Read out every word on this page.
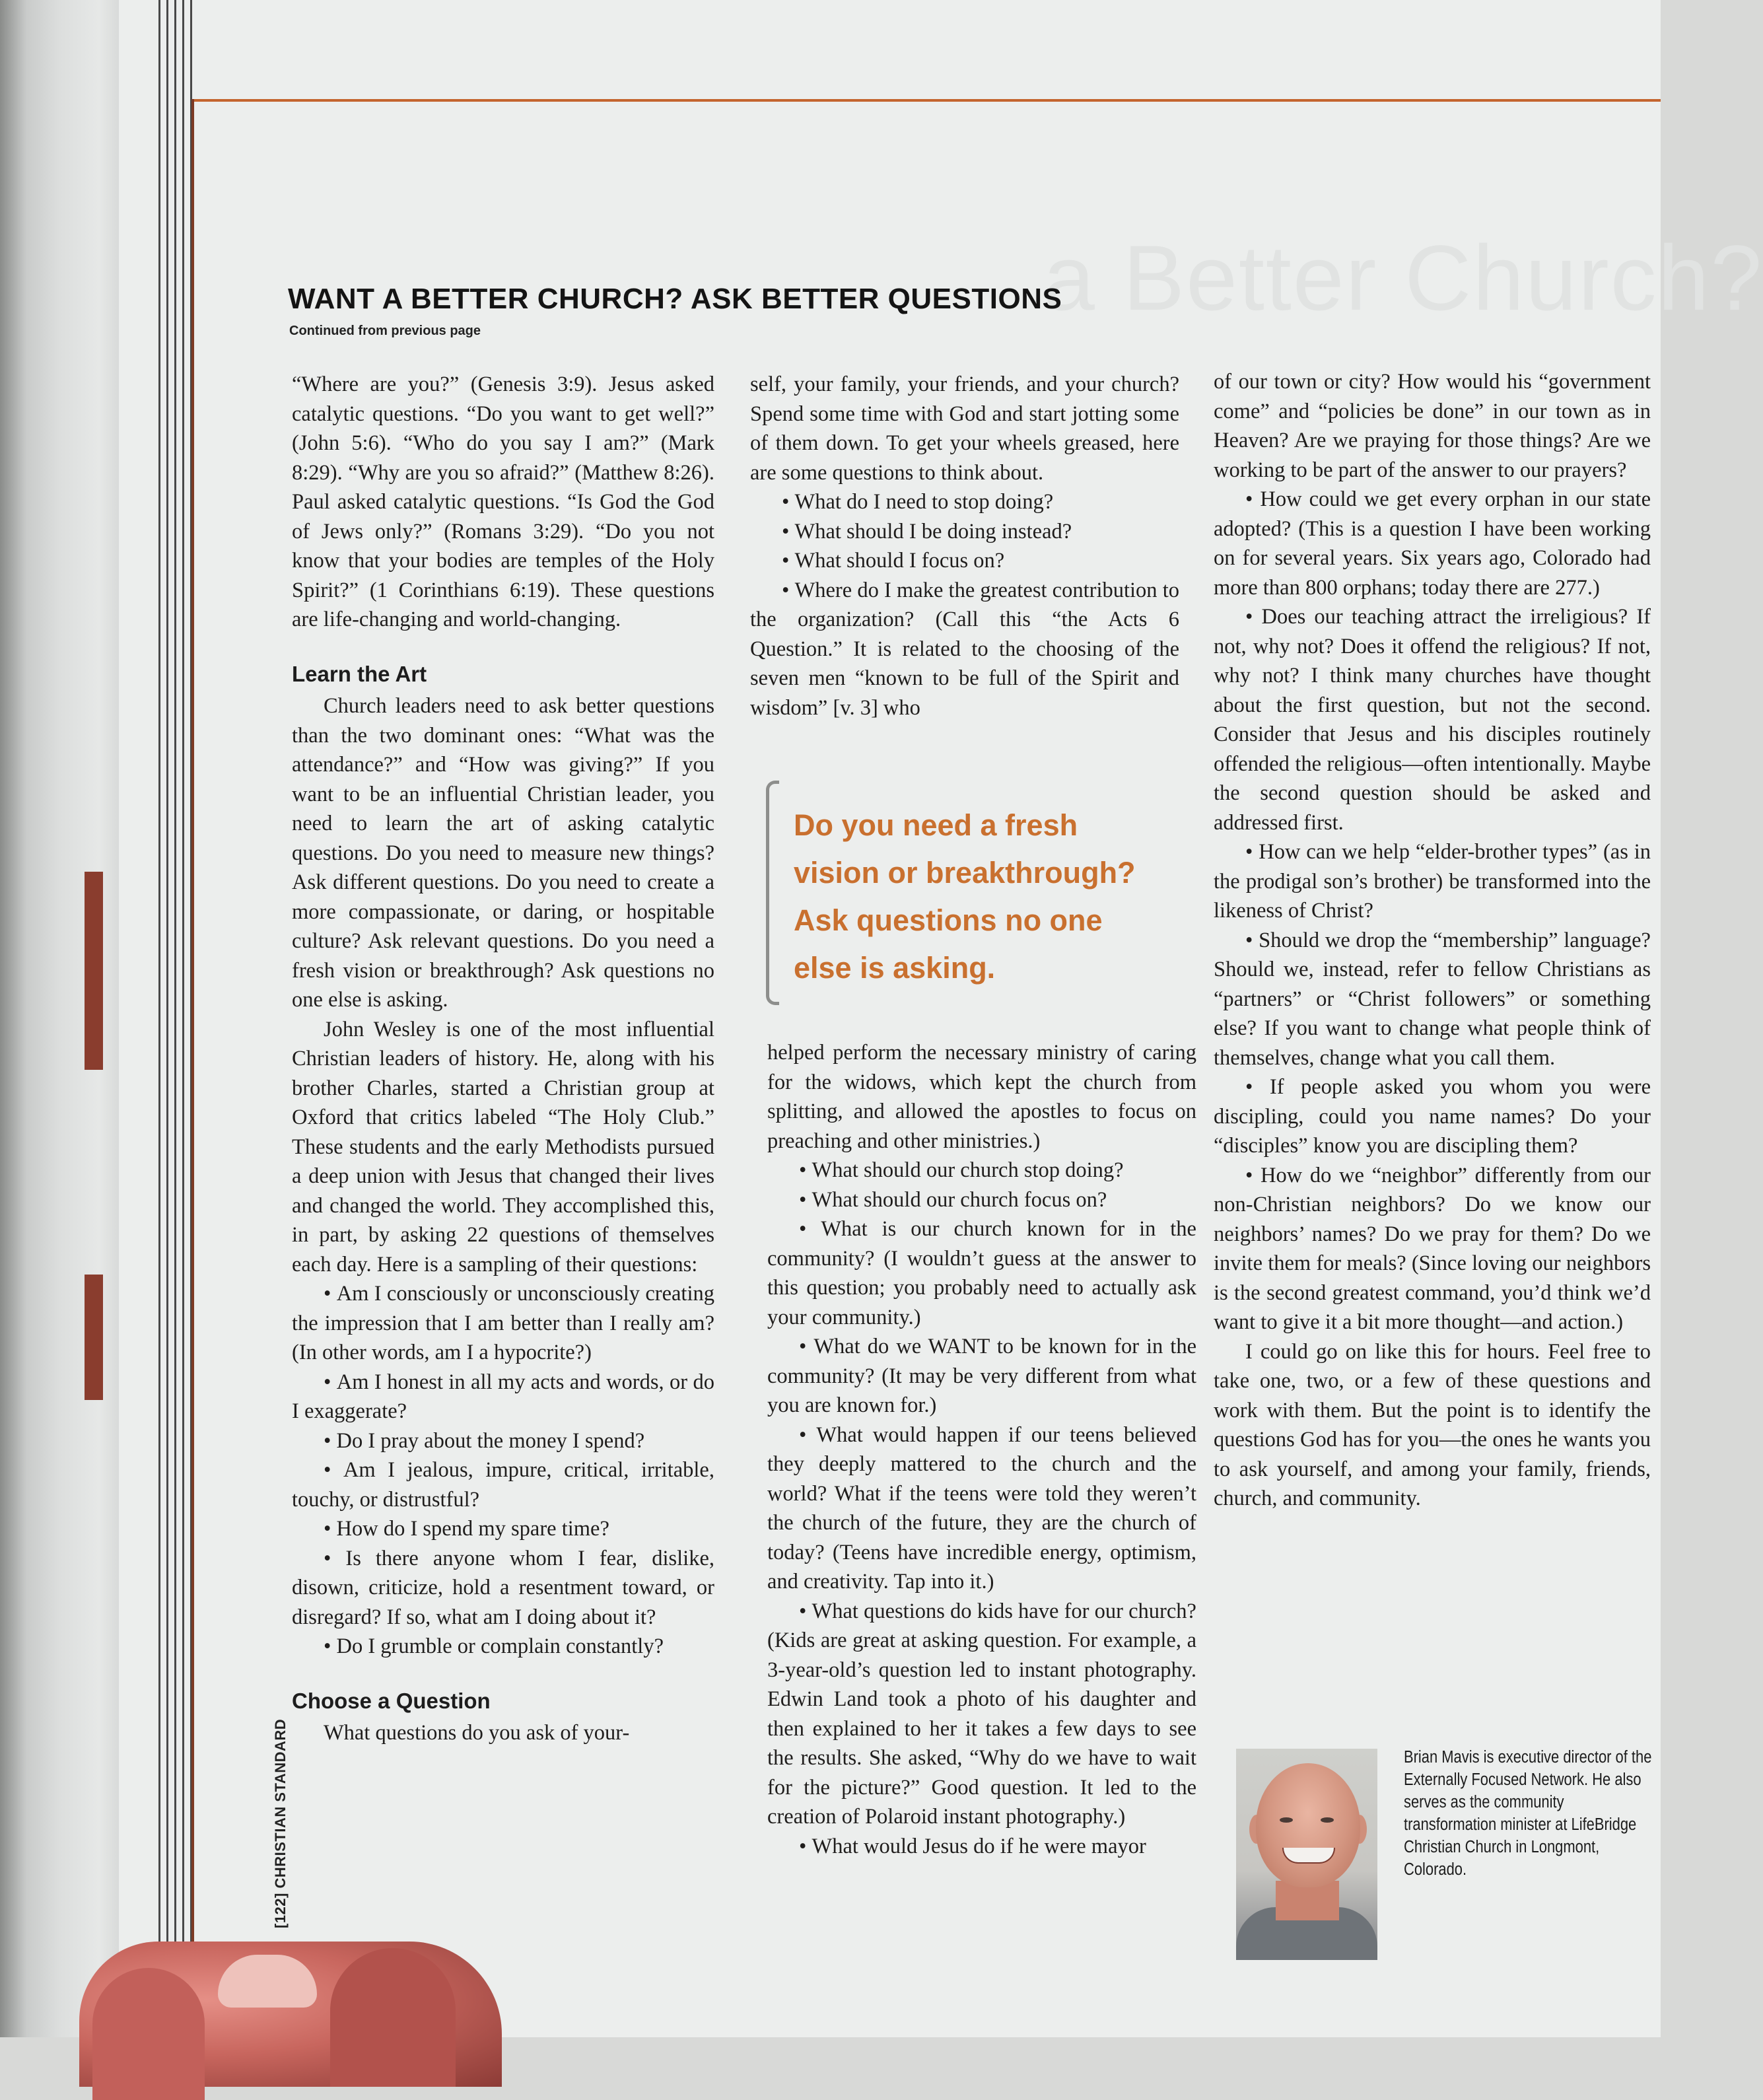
a Better Church?
WANT A BETTER CHURCH? ASK BETTER QUESTIONS
Continued from previous page

“Where are you?” (Genesis 3:9). Jesus asked catalytic questions. “Do you want to get well?” (John 5:6). “Who do you say I am?” (Mark 8:29). “Why are you so afraid?” (Matthew 8:26). Paul asked catalytic questions. “Is God the God of Jews only?” (Romans 3:29). “Do you not know that your bodies are temples of the Holy Spirit?” (1 Corinthians 6:19). These questions are life-changing and world-changing.

Learn the Art

Church leaders need to ask better questions than the two dominant ones: “What was the attendance?” and “How was giving?” If you want to be an influential Christian leader, you need to learn the art of asking catalytic questions. Do you need to measure new things? Ask different questions. Do you need to create a more compassionate, or daring, or hospitable culture? Ask relevant questions. Do you need a fresh vision or breakthrough? Ask questions no one else is asking.

John Wesley is one of the most influential Christian leaders of history. He, along with his brother Charles, started a Christian group at Oxford that critics labeled “The Holy Club.” These students and the early Methodists pursued a deep union with Jesus that changed their lives and changed the world. They accomplished this, in part, by asking 22 questions of themselves each day. Here is a sampling of their questions:

• Am I consciously or unconsciously creating the impression that I am better than I really am? (In other words, am I a hypocrite?)

• Am I honest in all my acts and words, or do I exaggerate?

• Do I pray about the money I spend?

• Am I jealous, impure, critical, irritable, touchy, or distrustful?

• How do I spend my spare time?

• Is there anyone whom I fear, dislike, disown, criticize, hold a resentment toward, or disregard? If so, what am I doing about it?

• Do I grumble or complain constantly?

Choose a Question

What questions do you ask of your-

self, your family, your friends, and your church? Spend some time with God and start jotting some of them down. To get your wheels greased, here are some questions to think about.

• What do I need to stop doing?

• What should I be doing instead?

• What should I focus on?

• Where do I make the greatest contribution to the organization? (Call this “the Acts 6 Question.” It is related to the choosing of the seven men “known to be full of the Spirit and wisdom” [v. 3] who

Do you need a fresh vision or breakthrough? Ask questions no one else is asking.

helped perform the necessary ministry of caring for the widows, which kept the church from splitting, and allowed the apostles to focus on preaching and other ministries.)

• What should our church stop doing?

• What should our church focus on?

• What is our church known for in the community? (I wouldn’t guess at the answer to this question; you probably need to actually ask your community.)

• What do we WANT to be known for in the community? (It may be very different from what you are known for.)

• What would happen if our teens believed they deeply mattered to the church and the world? What if the teens were told they weren’t the church of the future, they are the church of today? (Teens have incredible energy, optimism, and creativity. Tap into it.)

• What questions do kids have for our church? (Kids are great at asking question. For example, a 3-year-old’s question led to instant photography. Edwin Land took a photo of his daughter and then explained to her it takes a few days to see the results. She asked, “Why do we have to wait for the picture?” Good question. It led to the creation of Polaroid instant photography.)

• What would Jesus do if he were mayor

of our town or city? How would his “government come” and “policies be done” in our town as in Heaven? Are we praying for those things? Are we working to be part of the answer to our prayers?

• How could we get every orphan in our state adopted? (This is a question I have been working on for several years. Six years ago, Colorado had more than 800 orphans; today there are 277.)

• Does our teaching attract the irreligious? If not, why not? Does it offend the religious? If not, why not? I think many churches have thought about the first question, but not the second. Consider that Jesus and his disciples routinely offended the religious—often intentionally. Maybe the second question should be asked and addressed first.

• How can we help “elder-brother types” (as in the prodigal son’s brother) be transformed into the likeness of Christ?

• Should we drop the “membership” language? Should we, instead, refer to fellow Christians as “partners” or “Christ followers” or something else? If you want to change what people think of themselves, change what you call them.

• If people asked you whom you were discipling, could you name names? Do your “disciples” know you are discipling them?

• How do we “neighbor” differently from our non-Christian neighbors? Do we know our neighbors’ names? Do we pray for them? Do we invite them for meals? (Since loving our neighbors is the second greatest command, you’d think we’d want to give it a bit more thought—and action.)

I could go on like this for hours. Feel free to take one, two, or a few of these questions and work with them. But the point is to identify the questions God has for you—the ones he wants you to ask yourself, and among your family, friends, church, and community.

Brian Mavis is executive director of the Externally Focused Network. He also serves as the community transformation minister at LifeBridge Christian Church in Longmont, Colorado.
[122] CHRISTIAN STANDARD
